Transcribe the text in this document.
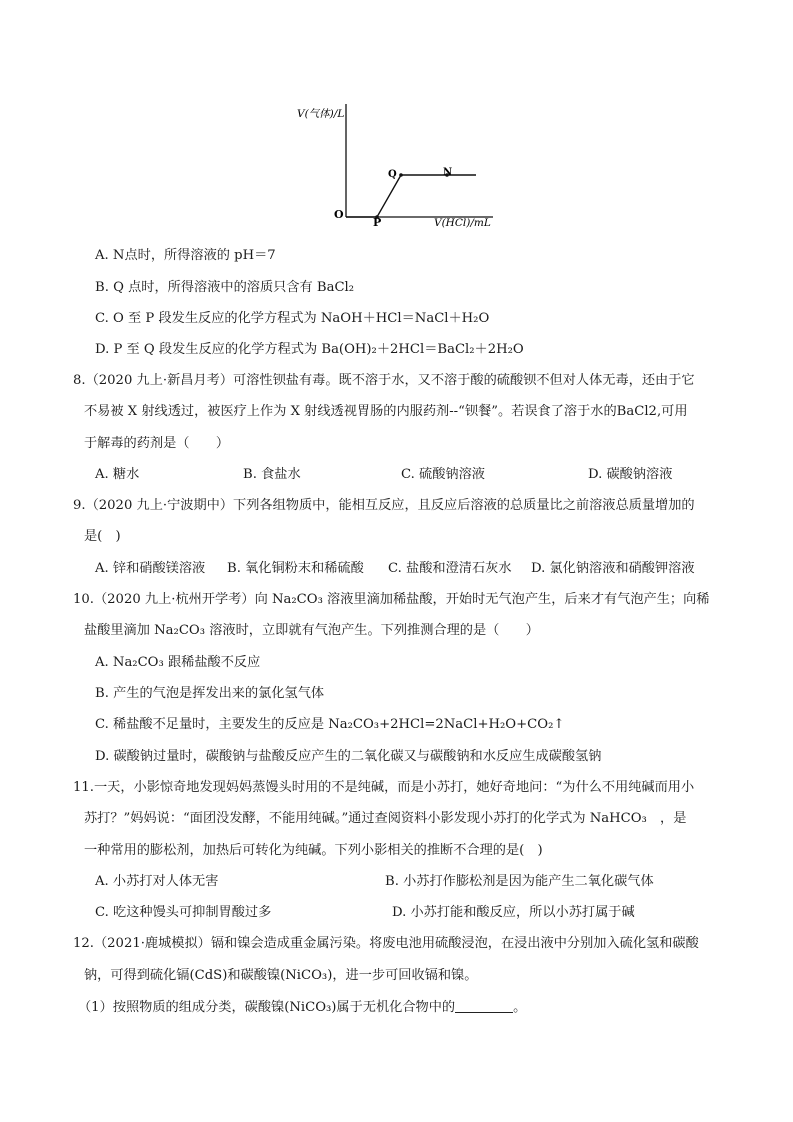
V(气体)/L
V(HCl)/mL
O
P
Q	N
A. N点时，所得溶液的 pH＝7
B. Q 点时，所得溶液中的溶质只含有 BaCl₂
C. O 至 P 段发生反应的化学方程式为 NaOH＋HCl＝NaCl＋H₂O
D. P 至 Q 段发生反应的化学方程式为 Ba(OH)₂＋2HCl＝BaCl₂＋2H₂O
8.（2020 九上·新昌月考）可溶性钡盐有毒。既不溶于水，又不溶于酸的硫酸钡不但对人体无毒，还由于它
不易被 X 射线透过，被医疗上作为 X 射线透视胃肠的内服药剂--“钡餐”。若误食了溶于水的BaCl2,可用
于解毒的药剂是（　　）
A. 糖水	B. 食盐水	C. 硫酸钠溶液	D. 碳酸钠溶液
9.（2020 九上·宁波期中）下列各组物质中，能相互反应，且反应后溶液的总质量比之前溶液总质量增加的
是(　)
A. 锌和硝酸镁溶液 B. 氧化铜粉末和稀硫酸 C. 盐酸和澄清石灰水 D. 氯化钠溶液和硝酸钾溶液
10.（2020 九上·杭州开学考）向 Na₂CO₃ 溶液里滴加稀盐酸，开始时无气泡产生，后来才有气泡产生；向稀
盐酸里滴加 Na₂CO₃ 溶液时，立即就有气泡产生。下列推测合理的是（　　）
A. Na₂CO₃ 跟稀盐酸不反应
B. 产生的气泡是挥发出来的氯化氢气体
C. 稀盐酸不足量时，主要发生的反应是 Na₂CO₃+2HCl=2NaCl+H₂O+CO₂↑
D. 碳酸钠过量时，碳酸钠与盐酸反应产生的二氧化碳又与碳酸钠和水反应生成碳酸氢钠
11.一天，小影惊奇地发现妈妈蒸馒头时用的不是纯碱，而是小苏打，她好奇地问：“为什么不用纯碱而用小
苏打？”妈妈说：“面团没发酵，不能用纯碱。”通过查阅资料小影发现小苏打的化学式为 NaHCO₃　，是
一种常用的膨松剂，加热后可转化为纯碱。下列小影相关的推断不合理的是(　)
A. 小苏打对人体无害	B. 小苏打作膨松剂是因为能产生二氧化碳气体
C. 吃这种馒头可抑制胃酸过多	D. 小苏打能和酸反应，所以小苏打属于碱
12.（2021·鹿城模拟）镉和镍会造成重金属污染。将废电池用硫酸浸泡，在浸出液中分别加入硫化氢和碳酸
钠，可得到硫化镉(CdS)和碳酸镍(NiCO₃)，进一步可回收镉和镍。
（1）按照物质的组成分类，碳酸镍(NiCO₃)属于无机化合物中的	。
